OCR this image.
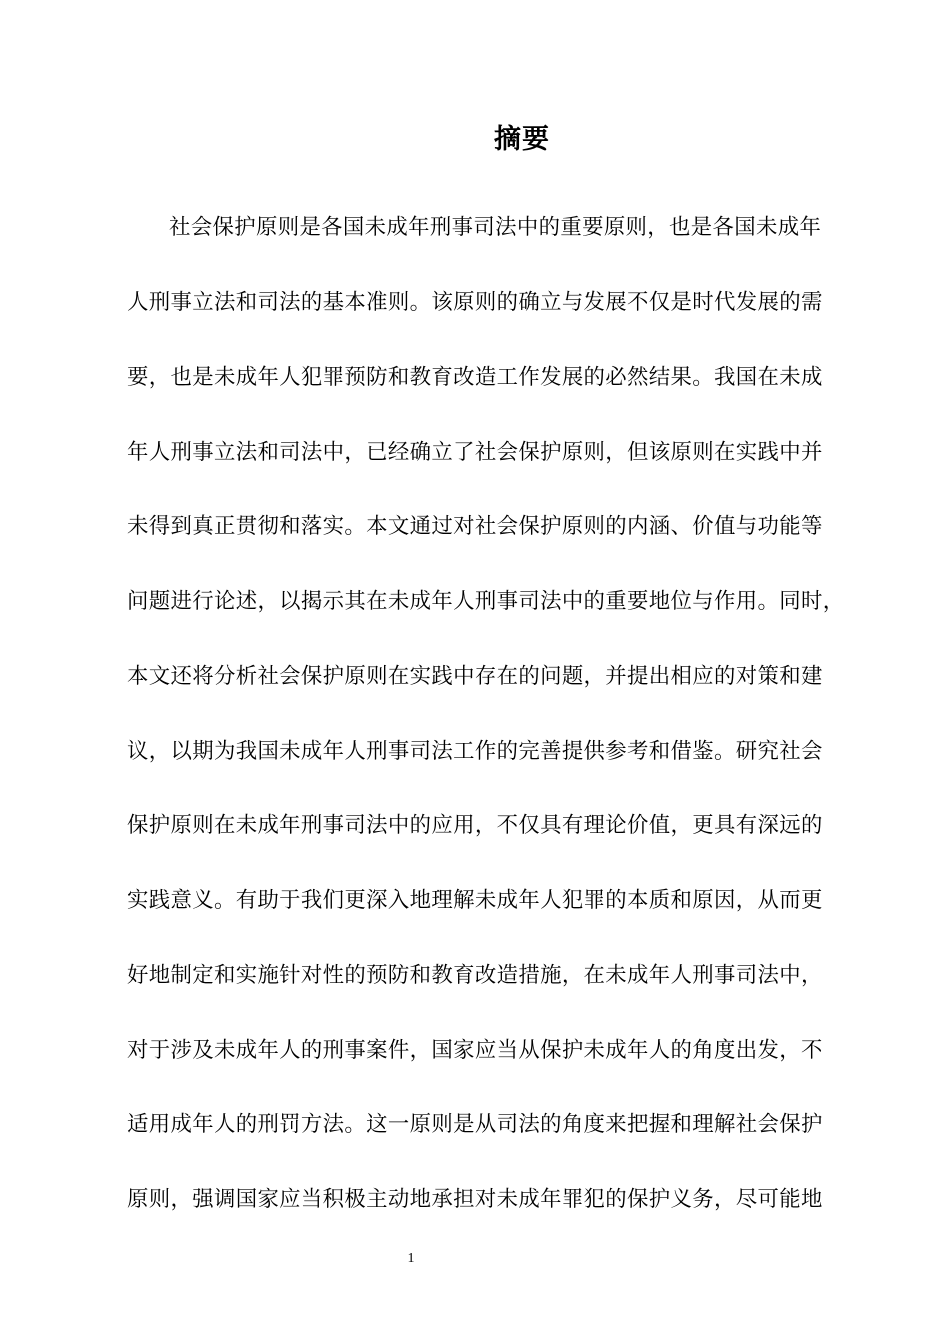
摘要
社会保护原则是各国未成年刑事司法中的重要原则，也是各国未成年
人刑事立法和司法的基本准则。该原则的确立与发展不仅是时代发展的需
要，也是未成年人犯罪预防和教育改造工作发展的必然结果。我国在未成
年人刑事立法和司法中，已经确立了社会保护原则，但该原则在实践中并
未得到真正贯彻和落实。本文通过对社会保护原则的内涵、价值与功能等
问题进行论述，以揭示其在未成年人刑事司法中的重要地位与作用。同时，
本文还将分析社会保护原则在实践中存在的问题，并提出相应的对策和建
议，以期为我国未成年人刑事司法工作的完善提供参考和借鉴。研究社会
保护原则在未成年刑事司法中的应用，不仅具有理论价值，更具有深远的
实践意义。有助于我们更深入地理解未成年人犯罪的本质和原因，从而更
好地制定和实施针对性的预防和教育改造措施，在未成年人刑事司法中，
对于涉及未成年人的刑事案件，国家应当从保护未成年人的角度出发，不
适用成年人的刑罚方法。这一原则是从司法的角度来把握和理解社会保护
原则，强调国家应当积极主动地承担对未成年罪犯的保护义务，尽可能地
1
